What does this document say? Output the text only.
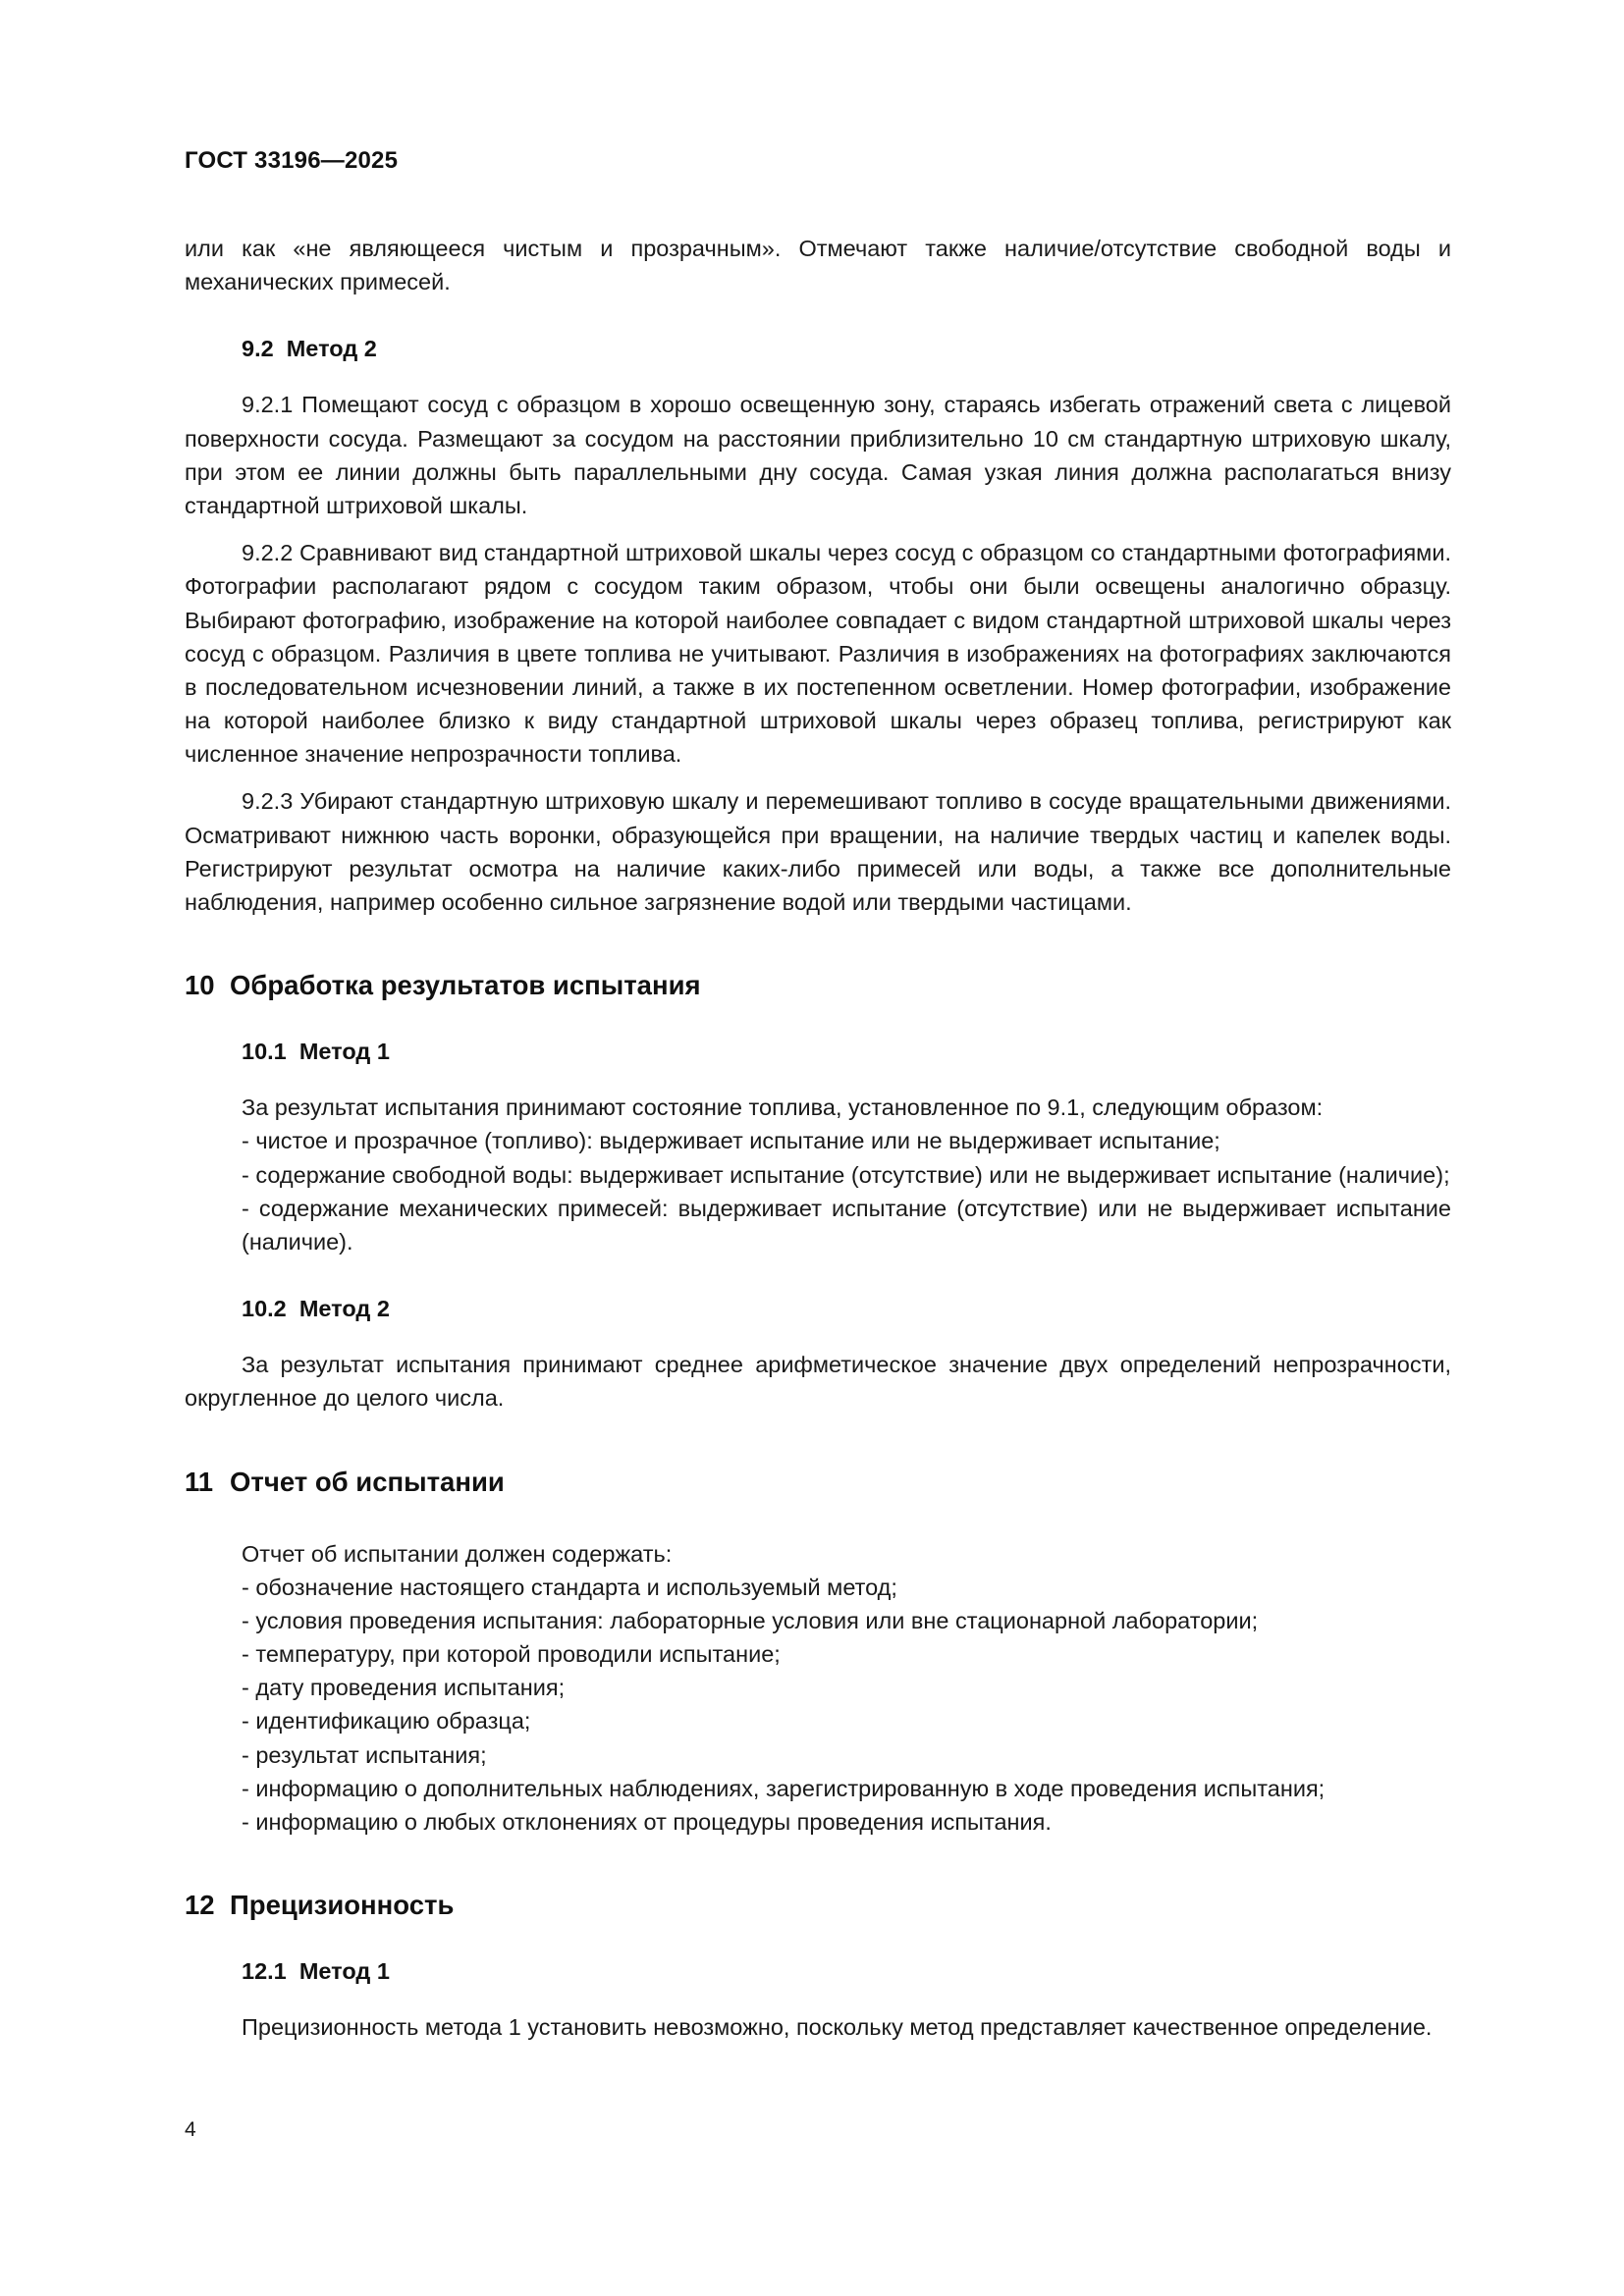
ГОСТ 33196—2025

или как «не являющееся чистым и прозрачным». Отмечают также наличие/отсутствие свободной воды и механических примесей.

9.2 Метод 2

9.2.1 Помещают сосуд с образцом в хорошо освещенную зону, стараясь избегать отражений света с лицевой поверхности сосуда. Размещают за сосудом на расстоянии приблизительно 10 см стандартную штриховую шкалу, при этом ее линии должны быть параллельными дну сосуда. Самая узкая линия должна располагаться внизу стандартной штриховой шкалы.

9.2.2 Сравнивают вид стандартной штриховой шкалы через сосуд с образцом со стандартными фотографиями. Фотографии располагают рядом с сосудом таким образом, чтобы они были освещены аналогично образцу. Выбирают фотографию, изображение на которой наиболее совпадает с видом стандартной штриховой шкалы через сосуд с образцом. Различия в цвете топлива не учитывают. Различия в изображениях на фотографиях заключаются в последовательном исчезновении линий, а также в их постепенном осветлении. Номер фотографии, изображение на которой наиболее близко к виду стандартной штриховой шкалы через образец топлива, регистрируют как численное значение непрозрачности топлива.

9.2.3 Убирают стандартную штриховую шкалу и перемешивают топливо в сосуде вращательными движениями. Осматривают нижнюю часть воронки, образующейся при вращении, на наличие твердых частиц и капелек воды. Регистрируют результат осмотра на наличие каких-либо примесей или воды, а также все дополнительные наблюдения, например особенно сильное загрязнение водой или твердыми частицами.

10 Обработка результатов испытания
10.1 Метод 1

За результат испытания принимают состояние топлива, установленное по 9.1, следующим образом:

- чистое и прозрачное (топливо): выдерживает испытание или не выдерживает испытание;

- содержание свободной воды: выдерживает испытание (отсутствие) или не выдерживает испытание (наличие);

- содержание механических примесей: выдерживает испытание (отсутствие) или не выдерживает испытание (наличие).

10.2 Метод 2

За результат испытания принимают среднее арифметическое значение двух определений непрозрачности, округленное до целого числа.

11 Отчет об испытании

Отчет об испытании должен содержать:

- обозначение настоящего стандарта и используемый метод;

- условия проведения испытания: лабораторные условия или вне стационарной лаборатории;

- температуру, при которой проводили испытание;

- дату проведения испытания;

- идентификацию образца;

- результат испытания;

- информацию о дополнительных наблюдениях, зарегистрированную в ходе проведения испытания;

- информацию о любых отклонениях от процедуры проведения испытания.

12 Прецизионность
12.1 Метод 1

Прецизионность метода 1 установить невозможно, поскольку метод представляет качественное определение.

4
